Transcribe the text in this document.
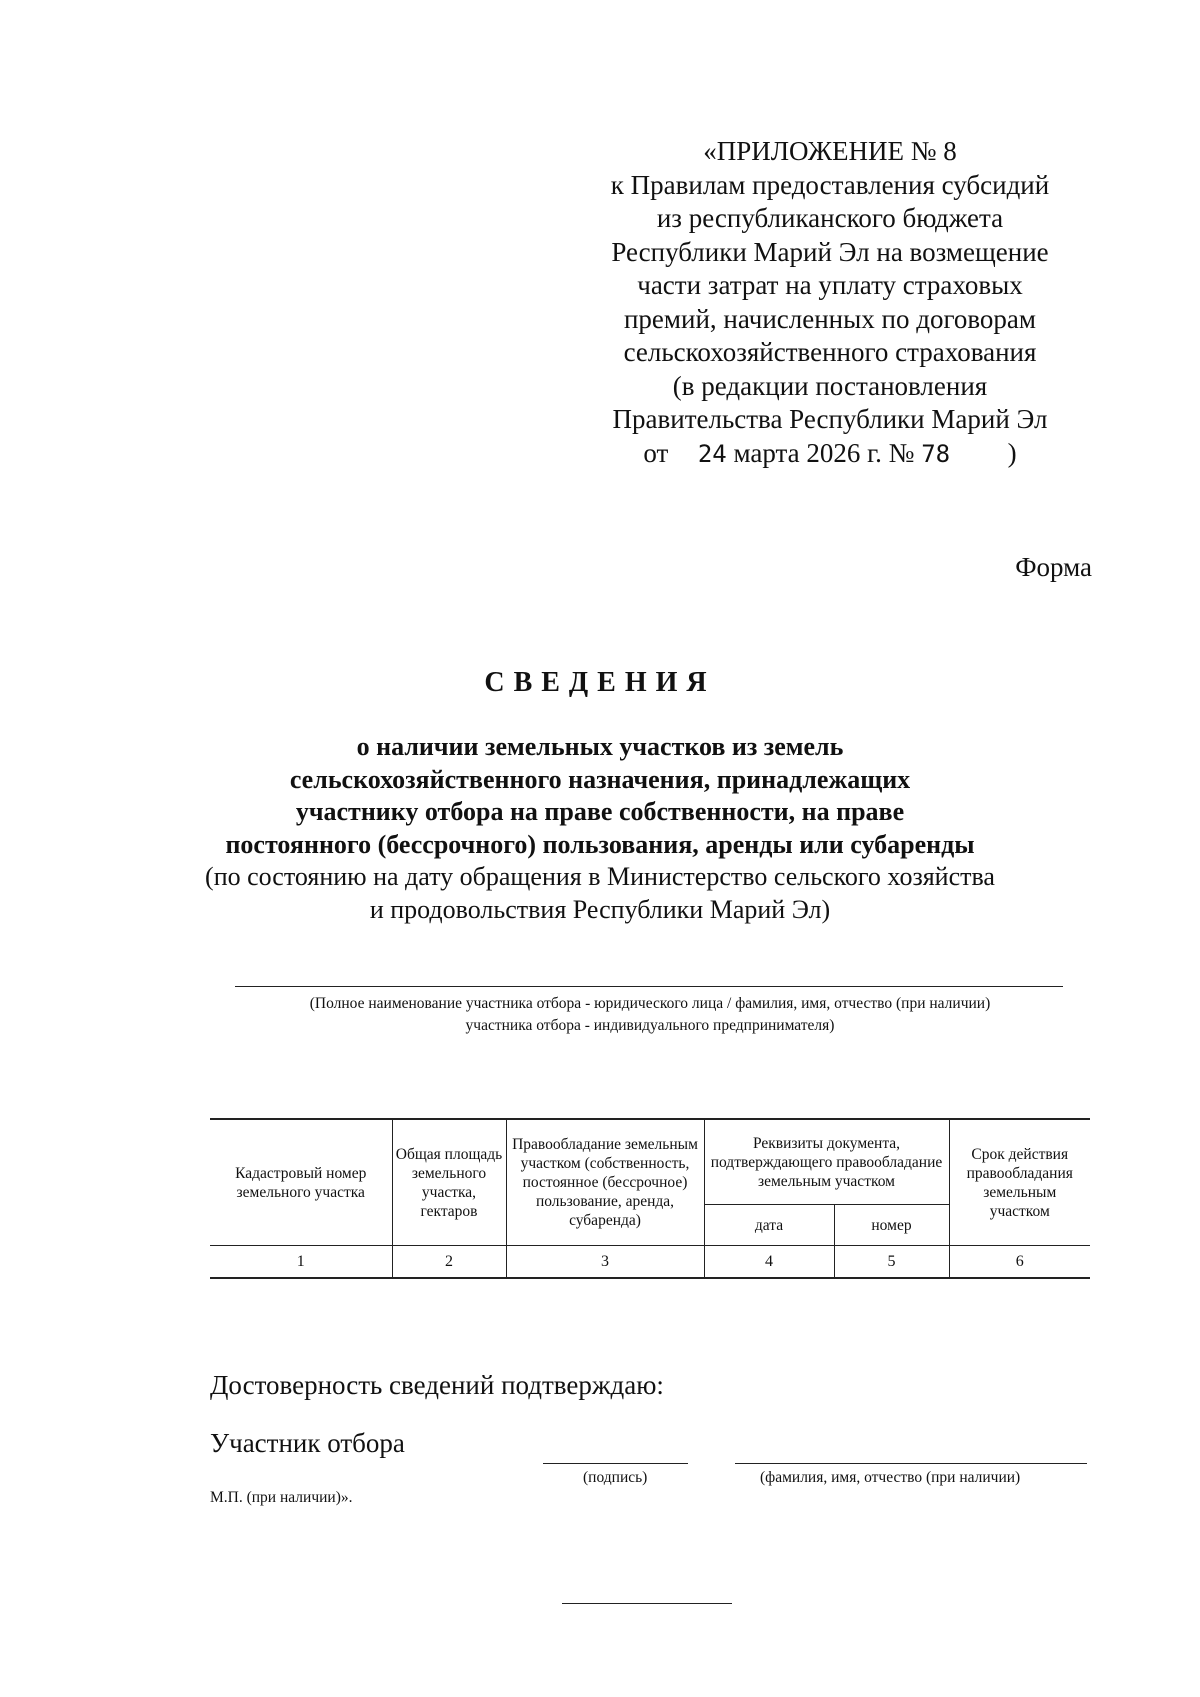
«ПРИЛОЖЕНИЕ № 8
к Правилам предоставления субсидий
из республиканского бюджета
Республики Марий Эл на возмещение
части затрат на уплату страховых
премий, начисленных по договорам
сельскохозяйственного страхования
(в редакции постановления
Правительства Республики Марий Эл
от 24 марта 2026 г. № 78 )
Форма
СВЕДЕНИЯ
о наличии земельных участков из земель
сельскохозяйственного назначения, принадлежащих
участнику отбора на праве собственности, на праве
постоянного (бессрочного) пользования, аренды или субаренды
(по состоянию на дату обращения в Министерство сельского хозяйства
и продовольствия Республики Марий Эл)
(Полное наименование участника отбора - юридического лица / фамилия, имя, отчество (при наличии)
участника отбора - индивидуального предпринимателя)
Кадастровый номер земельного участка	Общая площадь земельного участка, гектаров	Правообладание земельным участком (собственность, постоянное (бессрочное) пользование, аренда, субаренда)	Реквизиты документа, подтверждающего правообладание земельным участком		Срок действия правообладания земельным участком
			дата	номер	
1	2	3	4	5	6
Достоверность сведений подтверждаю:
Участник отбора
(подпись)	(фамилия, имя, отчество (при наличии)
М.П. (при наличии)».
